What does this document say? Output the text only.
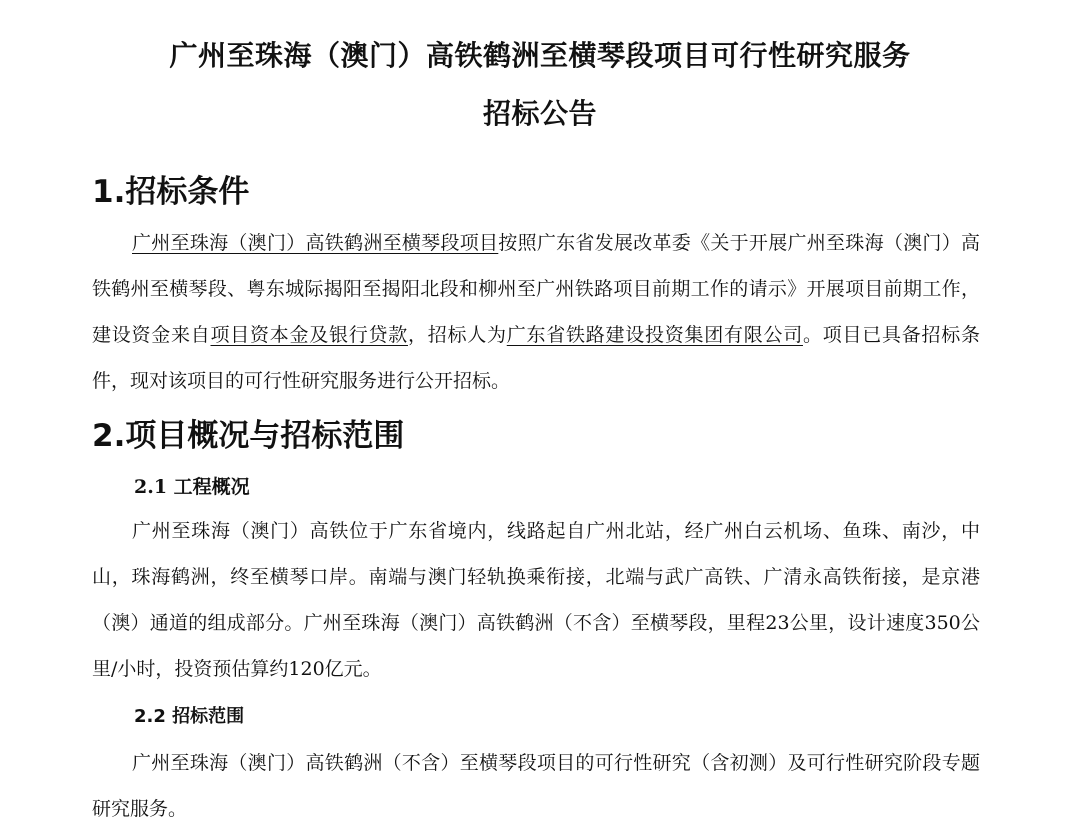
广州至珠海（澳门）高铁鹤洲至横琴段项目可行性研究服务
招标公告
1.招标条件

广州至珠海（澳门）高铁鹤洲至横琴段项目按照广东省发展改革委《关于开展广州至珠海（澳门）高铁鹤州至横琴段、粤东城际揭阳至揭阳北段和柳州至广州铁路项目前期工作的请示》开展项目前期工作，建设资金来自项目资本金及银行贷款，招标人为广东省铁路建设投资集团有限公司。项目已具备招标条件，现对该项目的可行性研究服务进行公开招标。

2.项目概况与招标范围
2.1 工程概况

广州至珠海（澳门）高铁位于广东省境内，线路起自广州北站，经广州白云机场、鱼珠、南沙，中山，珠海鹤洲，终至横琴口岸。南端与澳门轻轨换乘衔接，北端与武广高铁、广清永高铁衔接，是京港（澳）通道的组成部分。广州至珠海（澳门）高铁鹤洲（不含）至横琴段，里程23公里，设计速度350公里/小时，投资预估算约120亿元。

2.2 招标范围

广州至珠海（澳门）高铁鹤洲（不含）至横琴段项目的可行性研究（含初测）及可行性研究阶段专题研究服务。
